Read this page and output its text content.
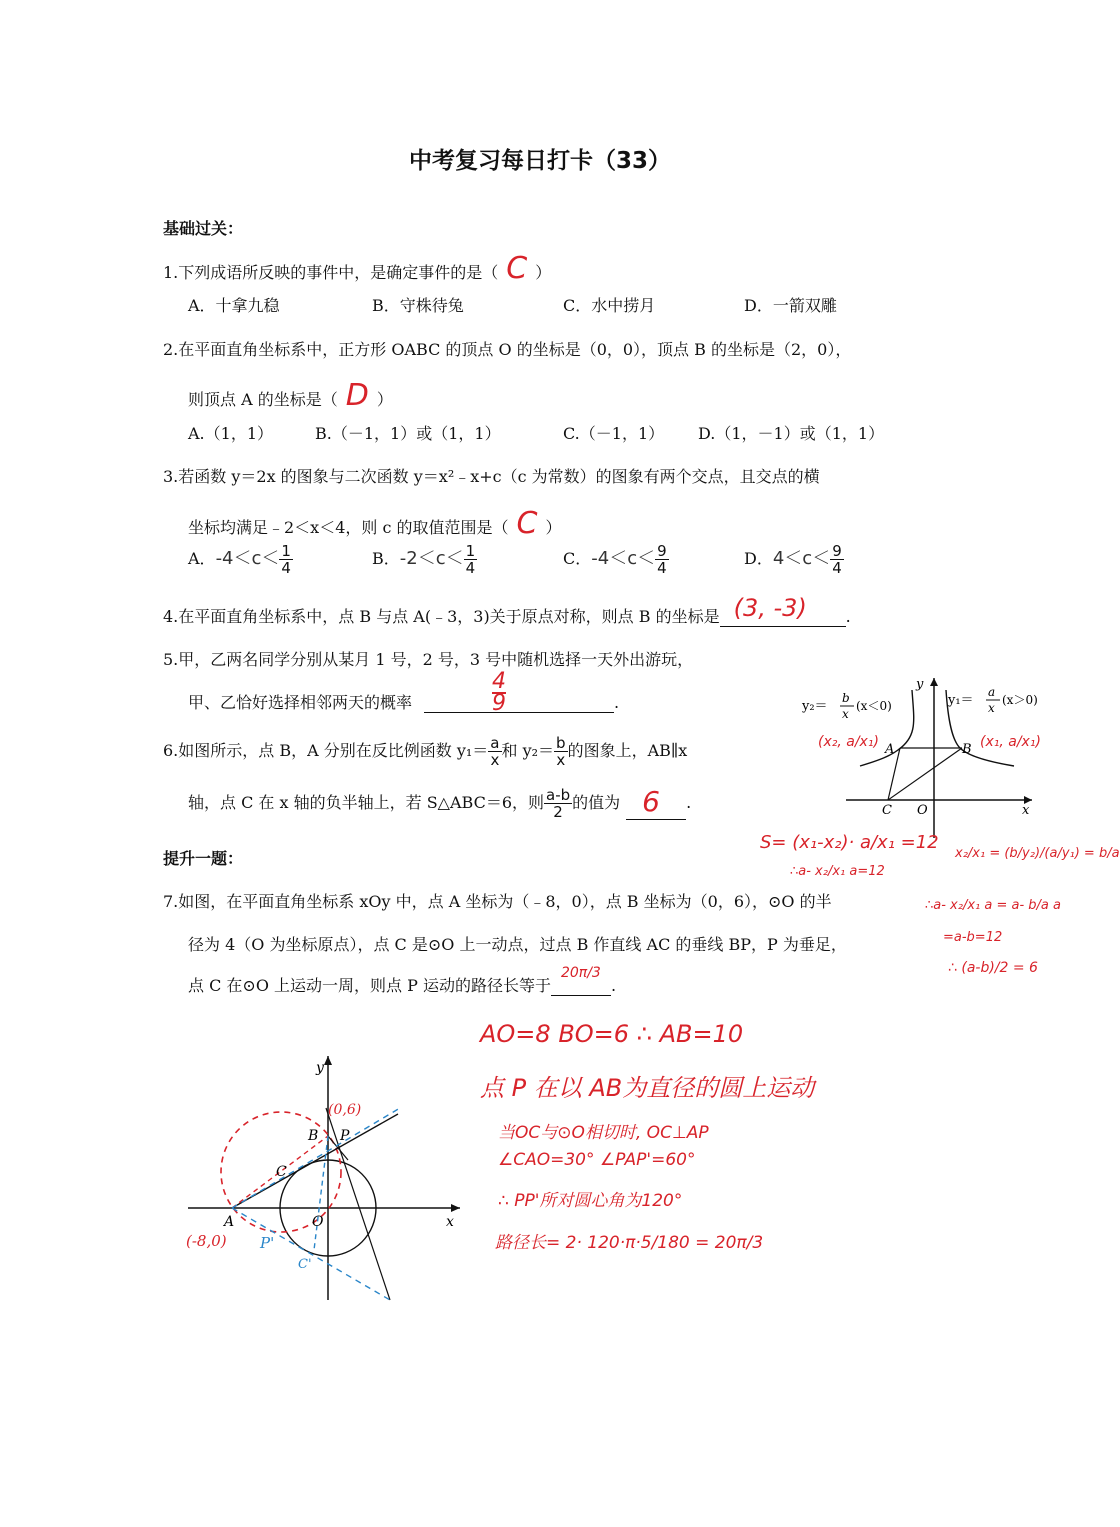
中考复习每日打卡（33）
基础过关：
1.下列成语所反映的事件中，是确定事件的是（ C ）
A．十拿九稳	B．守株待兔	C．水中捞月	D．一箭双雕
2.在平面直角坐标系中，正方形 OABC 的顶点 O 的坐标是（0，0），顶点 B 的坐标是（2，0），
则顶点 A 的坐标是（ D ）
A.（1，1）	B.（－1，1）或（1，1）	C.（－1，1） D.（1，－1）或（1，1）
3.若函数 y＝2x 的图象与二次函数 y＝x²﹣x+c（c 为常数）的图象有两个交点，且交点的横
坐标均满足﹣2＜x＜4，则 c 的取值范围是（ C ）
A．$-4<c< \frac{1}{4}$	B．$-2<c< \frac{1}{4}$	C．$-4<c< \frac{9}{4}$	D．$4<c< \frac{9}{4}$
4.在平面直角坐标系中，点 B 与点 A(﹣3，3)关于原点对称，则点 B 的坐标是 (3, -3) .
5.甲，乙两名同学分别从某月 1 号，2 号，3 号中随机选择一天外出游玩，
甲、乙恰好选择相邻两天的概率	$\frac{4}{9}$	.
6.如图所示，点 B，A 分别在反比例函数 $y_1= \frac{a}{x}$ 和 $y_2= \frac{b}{x}$ 的图象上，AB∥x
轴，点 C 在 x 轴的负半轴上，若 S△ABC＝6，则 $\frac{a-b}{2}$ 的值为 6 .
提升一题：
7.如图，在平面直角坐标系 xOy 中，点 A 坐标为（﹣8，0），点 B 坐标为（0，6），⊙O 的半
径为 4（O 为坐标原点），点 C 是⊙O 上一动点，过点 B 作直线 AC 的垂线 BP，P 为垂足，
点 C 在⊙O 上运动一周，则点 P 运动的路径长等于
20π/3
.
y
x
O
A	B
C
y₂＝
b
x
(x＜0)	y₁＝
a
x
(x＞0)
(x₂, a/x₁)	(x₁, a/x₁)
S= (x₁-x₂)· a/x₁ =12
∴a- x₂/x₁ a=12
x₂/x₁ = (b/y₂)/(a/y₁) = b/a
∴a- x₂/x₁ a = a- b/a a
=a-b=12
∴ (a-b)/2 = 6
y
x
O
A
B
C
P
(0,6)
(-8,0) P'
C'
AO=8 BO=6 ∴ AB=10
点 P 在以 AB为直径的圆上运动
当OC与⊙O相切时, OC⊥AP
∠CAO=30° ∠PAP'=60°
∴ PP'所对圆心角为120°
路径长= 2· 120·π·5/180 = 20π/3
